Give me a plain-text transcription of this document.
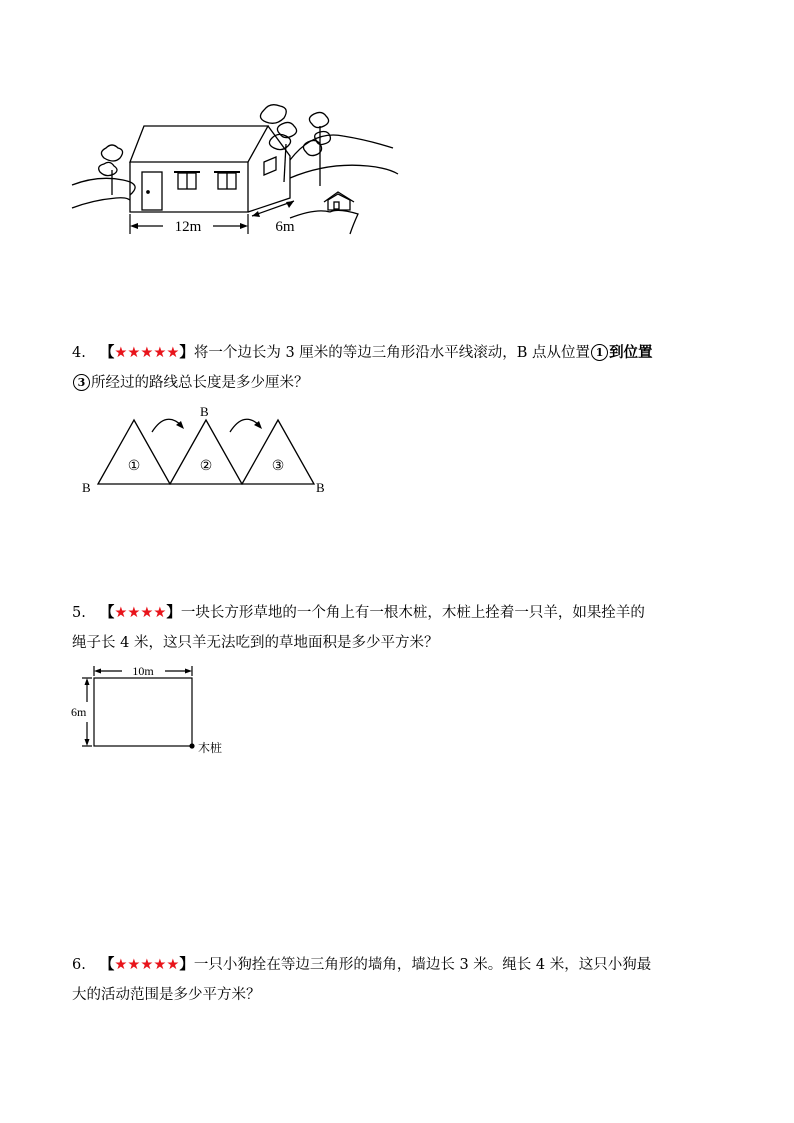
12m	6m
4. 【★★★★★】将一个边长为 3 厘米的等边三角形沿水平线滚动，B 点从位置 1 到位置
3 所经过的路线总长度是多少厘米？
B
B
B
①	②	③
5. 【★★★★】一块长方形草地的一个角上有一根木桩，木桩上拴着一只羊，如果拴羊的
绳子长 4 米，这只羊无法吃到的草地面积是多少平方米？
10m
6m
木桩
6. 【★★★★★】一只小狗拴在等边三角形的墙角，墙边长 3 米。绳长 4 米，这只小狗最
大的活动范围是多少平方米？
